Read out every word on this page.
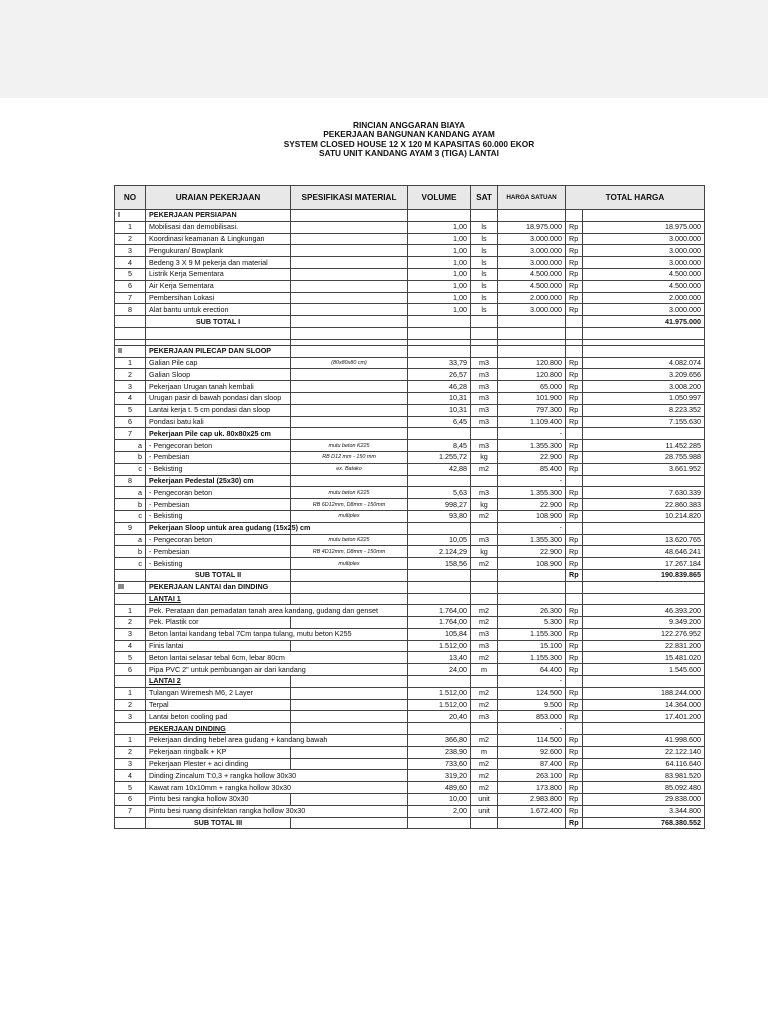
RINCIAN ANGGARAN BIAYA
PEKERJAAN BANGUNAN KANDANG AYAM
SYSTEM CLOSED HOUSE 12 X 120 M KAPASITAS 60.000 EKOR
SATU UNIT KANDANG AYAM 3 (TIGA) LANTAI
NO	URAIAN PEKERJAAN	SPESIFIKASI MATERIAL	VOLUME	SAT	HARGA SATUAN	TOTAL HARGA	
I	PEKERJAAN PERSIAPAN						
1	Mobilisasi dan demobilisasi.		1,00	ls	18.975.000	Rp	18.975.000
2	Koordinasi keamanan & Lingkungan		1,00	ls	3.000.000	Rp	3.000.000
3	Pengukuran/ Bowplank		1,00	ls	3.000.000	Rp	3.000.000
4	Bedeng 3 X 9 M pekerja dan material		1,00	ls	3.000.000	Rp	3.000.000
5	Listrik Kerja Sementara		1,00	ls	4.500.000	Rp	4.500.000
6	Air Kerja Sementara		1,00	ls	4.500.000	Rp	4.500.000
7	Pembersihan Lokasi		1,00	ls	2.000.000	Rp	2.000.000
8	Alat bantu untuk erection		1,00	ls	3.000.000	Rp	3.000.000
	SUB TOTAL I						41.975.000

II	PEKERJAAN PILECAP DAN SLOOP						
1	Galian Pile cap	(80x80x80 cm)	33,79	m3	120.800	Rp	4.082.074
2	Galian Sloop		26,57	m3	120.800	Rp	3.209.656
3	Pekerjaan Urugan tanah kembali		46,28	m3	65.000	Rp	3.008.200
4	Urugan pasir di bawah pondasi dan sloop		10,31	m3	101.900	Rp	1.050.997
5	Lantai kerja t. 5 cm pondasi dan sloop		10,31	m3	797.300	Rp	8.223.352
6	Pondasi batu kali		6,45	m3	1.109.400	Rp	7.155.630
7	Pekerjaan Pile cap uk. 80x80x25 cm				-		
a	- Pengecoran beton	mutu beton K225	8,45	m3	1.355.300	Rp	11.452.285
b	- Pembesian	RB D12 mm - 150 mm	1.255,72	kg	22.900	Rp	28.755.988
c	- Bekisting	ex. Batako	42,88	m2	85.400	Rp	3.661.952
8	Pekerjaan Pedestal (25x30) cm				-		
a	- Pengecoran beton	mutu beton K225	5,63	m3	1.355.300	Rp	7.630.339
b	- Pembesian	RB 6D12mm, D8mm - 150mm	998,27	kg	22.900	Rp	22.860.383
c	- Bekisting	multiplex	93,80	m2	108.900	Rp	10.214.820
9	Pekerjaan Sloop untuk area gudang (15x25) cm				-		
a	- Pengecoran beton	mutu beton K225	10,05	m3	1.355.300	Rp	13.620.765
b	- Pembesian	RB 4D12mm, D8mm - 150mm	2.124,29	kg	22.900	Rp	48.646.241
c	- Bekisting	multiplex	158,56	m2	108.900	Rp	17.267.184
	SUB TOTAL II					Rp	190.839.865
III	PEKERJAAN LANTAI dan DINDING						
	LANTAI 1						
1	Pek. Perataan dan pemadatan tanah area kandang, gudang dan genset		1.764,00	m2	26.300	Rp	46.393.200
2	Pek. Plastik cor		1.764,00	m2	5.300	Rp	9.349.200
3	Beton lantai kandang tebal 7Cm tanpa tulang, mutu beton K255		105,84	m3	1.155.300	Rp	122.276.952
4	Finis lantai		1.512,00	m3	15.100	Rp	22.831.200
5	Beton lantai selasar tebal 6cm, lebar 80cm		13,40	m2	1.155.300	Rp	15.481.020
6	Pipa PVC 2" untuk pembuangan air dari kandang		24,00	m	64.400	Rp	1.545.600
	LANTAI 2				-		
1	Tulangan Wiremesh M6, 2 Layer		1.512,00	m2	124.500	Rp	188.244.000
2	Terpal		1.512,00	m2	9.500	Rp	14.364.000
3	Lantai beton cooling pad		20,40	m3	853.000	Rp	17.401.200
	PEKERJAAN DINDING				-		
1	Pekerjaan dinding hebel area gudang + kandang bawah		366,80	m2	114.500	Rp	41.998.600
2	Pekerjaan ringbalk + KP		238,90	m	92.600	Rp	22.122.140
3	Pekerjaan Plester + aci dinding		733,60	m2	87.400	Rp	64.116.640
4	Dinding Zincalum T:0,3 + rangka hollow 30x30		319,20	m2	263.100	Rp	83.981.520
5	Kawat ram 10x10mm + rangka hollow 30x30		489,60	m2	173.800	Rp	85.092.480
6	Pintu besi rangka hollow 30x30		10,00	unit	2.983.800	Rp	29.838.000
7	Pintu besi ruang disinfektan rangka hollow 30x30		2,00	unit	1.672.400	Rp	3.344.800
	SUB TOTAL III					Rp	768.380.552
